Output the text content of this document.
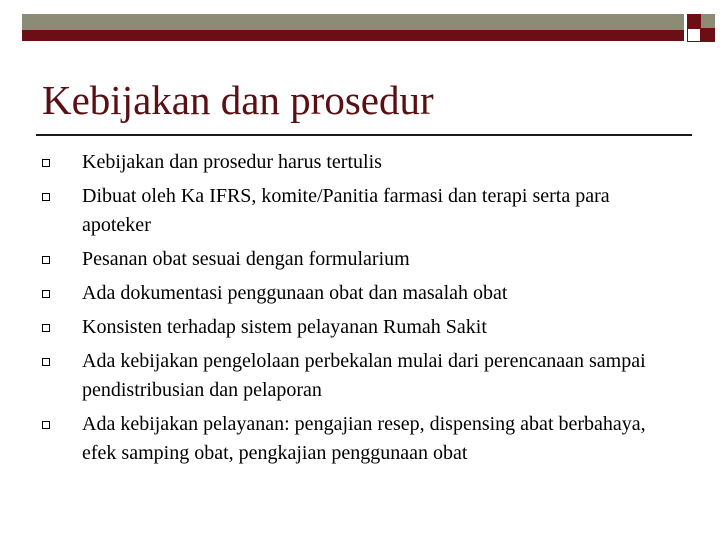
Kebijakan dan prosedur
Kebijakan dan prosedur harus tertulis
Dibuat oleh Ka IFRS, komite/Panitia farmasi dan terapi serta para apoteker
Pesanan obat sesuai dengan formularium
Ada dokumentasi penggunaan obat dan masalah obat
Konsisten terhadap sistem pelayanan Rumah Sakit
Ada kebijakan pengelolaan perbekalan mulai dari perencanaan sampai pendistribusian dan pelaporan
Ada kebijakan pelayanan: pengajian resep, dispensing abat berbahaya, efek samping obat, pengkajian penggunaan obat
